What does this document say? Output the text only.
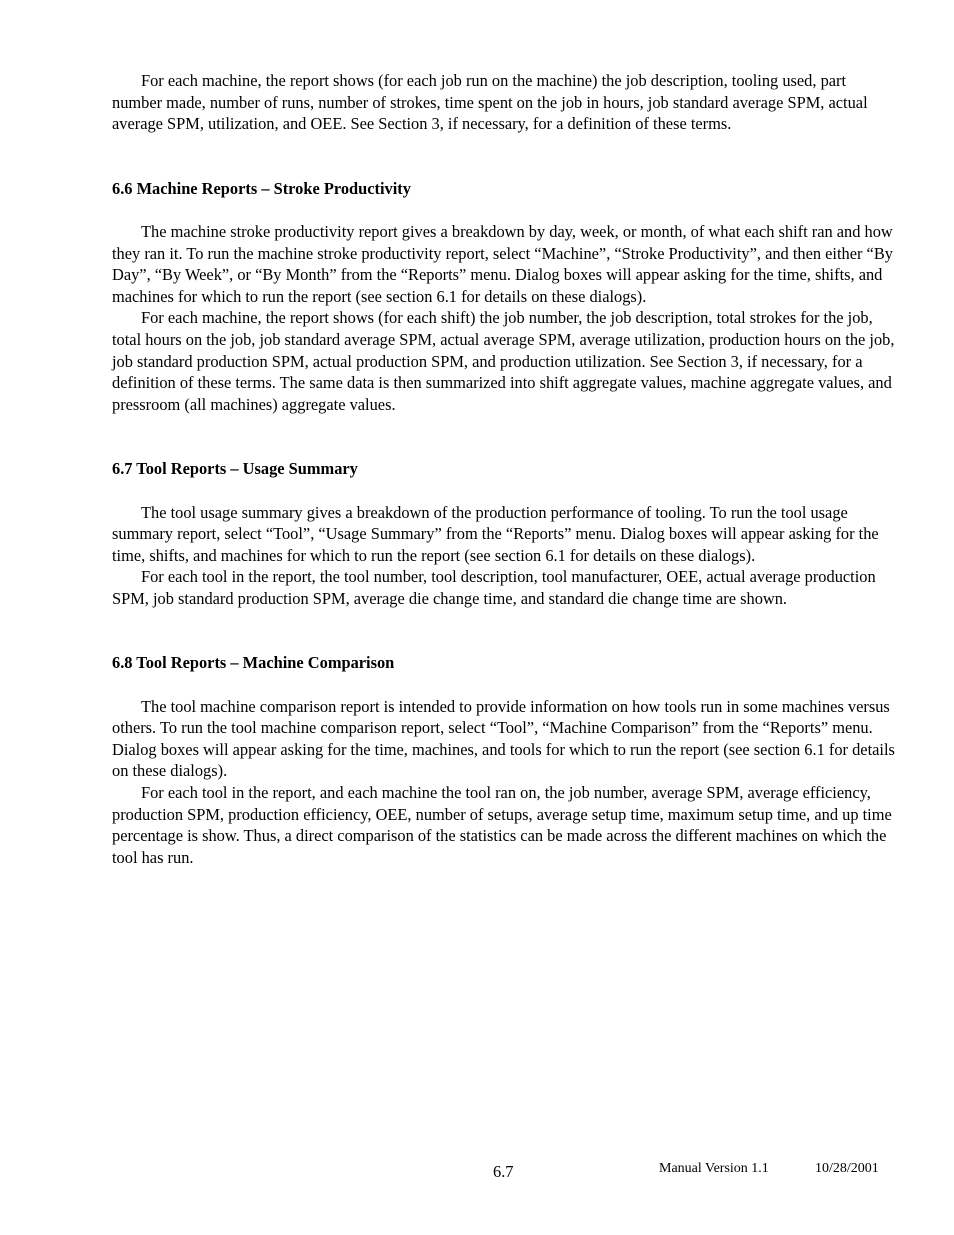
For each machine, the report shows (for each job run on the machine) the job description, tooling used, part number made, number of runs, number of strokes, time spent on the job in hours, job standard average SPM, actual average SPM, utilization, and OEE. See Section 3, if necessary, for a definition of these terms.

6.6 Machine Reports – Stroke Productivity

The machine stroke productivity report gives a breakdown by day, week, or month, of what each shift ran and how they ran it. To run the machine stroke productivity report, select “Machine”, “Stroke Productivity”, and then either “By Day”, “By Week”, or “By Month” from the “Reports” menu. Dialog boxes will appear asking for the time, shifts, and machines for which to run the report (see section 6.1 for details on these dialogs).

For each machine, the report shows (for each shift) the job number, the job description, total strokes for the job, total hours on the job, job standard average SPM, actual average SPM, average utilization, production hours on the job, job standard production SPM, actual production SPM, and production utilization. See Section 3, if necessary, for a definition of these terms. The same data is then summarized into shift aggregate values, machine aggregate values, and pressroom (all machines) aggregate values.

6.7 Tool Reports – Usage Summary

The tool usage summary gives a breakdown of the production performance of tooling. To run the tool usage summary report, select “Tool”, “Usage Summary” from the “Reports” menu. Dialog boxes will appear asking for the time, shifts, and machines for which to run the report (see section 6.1 for details on these dialogs).

For each tool in the report, the tool number, tool description, tool manufacturer, OEE, actual average production SPM, job standard production SPM, average die change time, and standard die change time are shown.

6.8 Tool Reports – Machine Comparison

The tool machine comparison report is intended to provide information on how tools run in some machines versus others. To run the tool machine comparison report, select “Tool”, “Machine Comparison” from the “Reports” menu. Dialog boxes will appear asking for the time, machines, and tools for which to run the report (see section 6.1 for details on these dialogs).

For each tool in the report, and each machine the tool ran on, the job number, average SPM, average efficiency, production SPM, production efficiency, OEE, number of setups, average setup time, maximum setup time, and up time percentage is show. Thus, a direct comparison of the statistics can be made across the different machines on which the tool has run.

6.7	Manual Version 1.1	10/28/2001
